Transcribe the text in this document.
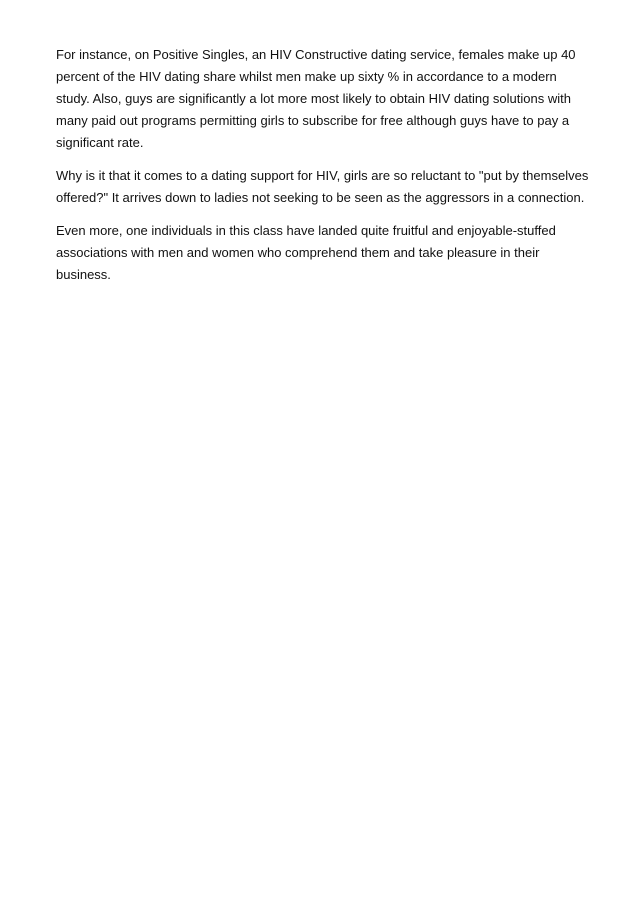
For instance, on Positive Singles, an HIV Constructive dating service, females make up 40
percent of the HIV dating share whilst men make up sixty % in accordance to a modern
study. Also, guys are significantly a lot more most likely to obtain HIV dating solutions with
many paid out programs permitting girls to subscribe for free although guys have to pay a
significant rate.

Why is it that it comes to a dating support for HIV, girls are so reluctant to "put by themselves
offered?" It arrives down to ladies not seeking to be seen as the aggressors in a connection.

Even more, one individuals in this class have landed quite fruitful and enjoyable-stuffed
associations with men and women who comprehend them and take pleasure in their
business.
